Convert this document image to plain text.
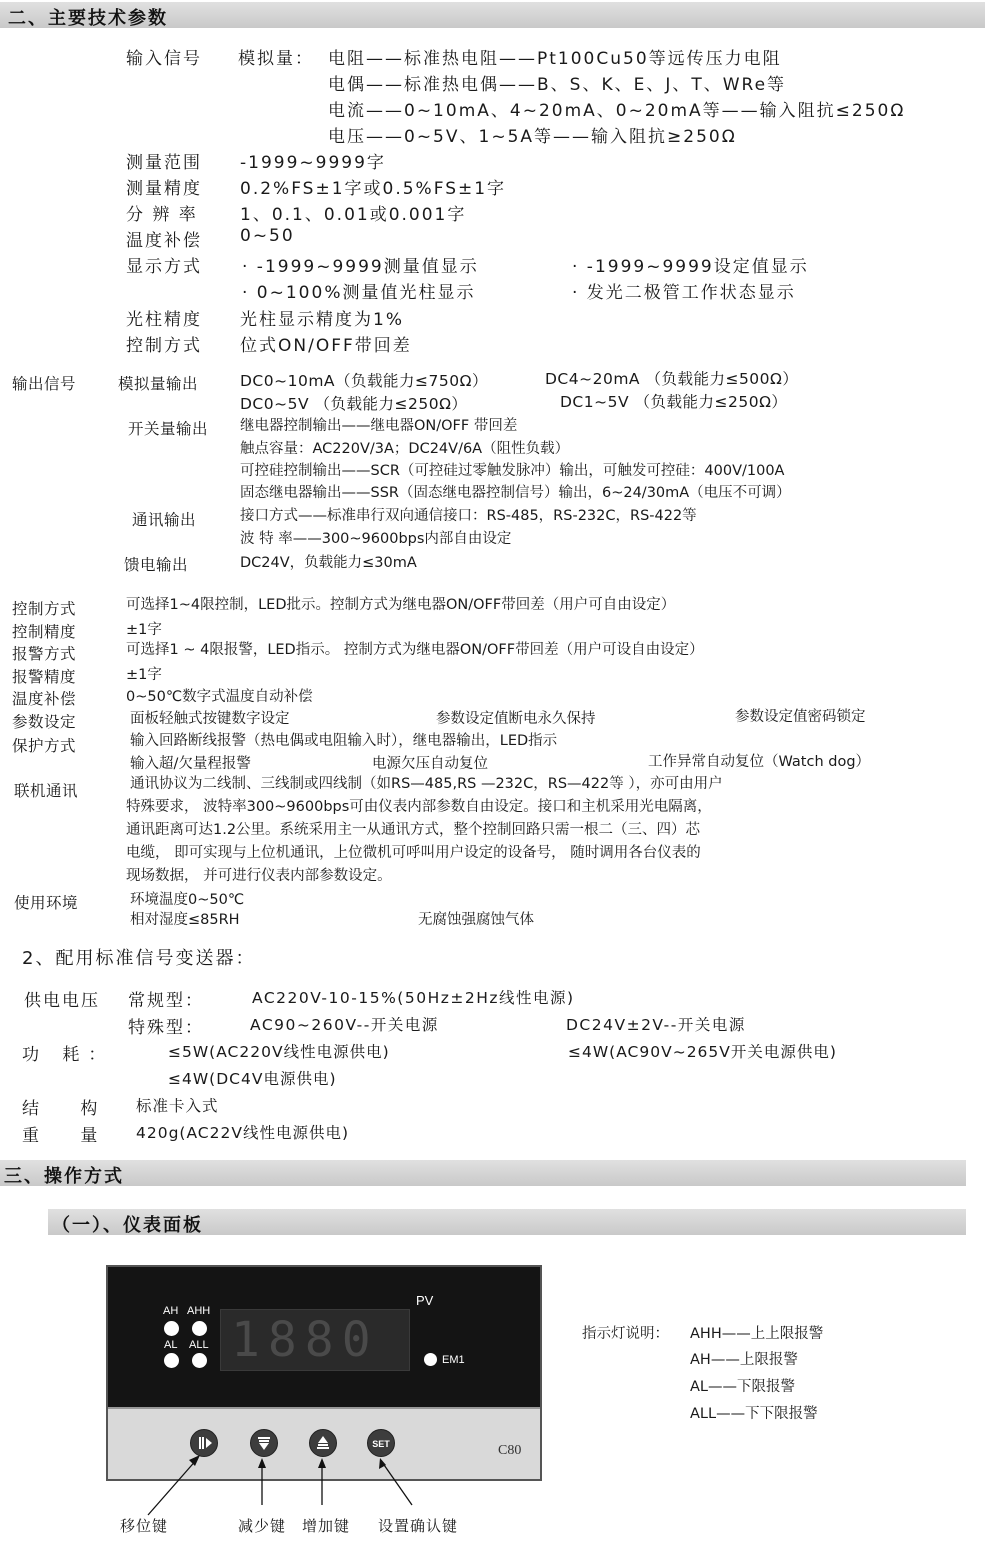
二、主要技术参数
输入信号 模拟量： 电阻——标准热电阻——Pt100Cu50等远传压力电阻
电偶——标准热电偶——B、S、K、E、J、T、WRe等
电流——0~10mA、4~20mA、0~20mA等——输入阻抗≤250Ω
电压——0~5V、1~5A等——输入阻抗≥250Ω
测量范围 -1999~9999字
测量精度 0.2%FS±1字或0.5%FS±1字
分 辨 率 1、0.1、0.01或0.001字
温度补偿 0~50
显示方式 · -1999~9999测量值显示	· -1999~9999设定值显示
· 0~100%测量值光柱显示	· 发光二极管工作状态显示
光柱精度 光柱显示精度为1%
控制方式 位式ON/OFF带回差
输出信号	模拟量输出	DC0~10mA（负载能力≤750Ω）	DC4~20mA （负载能力≤500Ω）
DC0~5V （负载能力≤250Ω）	DC1~5V （负载能力≤250Ω）
开关量输出 继电器控制输出——继电器ON/OFF 带回差
触点容量：AC220V/3A；DC24V/6A（阻性负载）
可控硅控制输出——SCR（可控硅过零触发脉冲）输出，可触发可控硅：400V/100A
固态继电器输出——SSR（固态继电器控制信号）输出，6~24/30mA（电压不可调）
通讯输出	接口方式——标准串行双向通信接口：RS-485，RS-232C，RS-422等
波 特 率——300~9600bps内部自由设定
馈电输出	DC24V，负载能力≤30mA
控制方式	可选择1~4限控制，LED批示。控制方式为继电器ON/OFF带回差（用户可自由设定）
控制精度	±1字
报警方式	可选择1 ~ 4限报警，LED指示。 控制方式为继电器ON/OFF带回差（用户可设自由设定）
报警精度	±1字
温度补偿	0~50℃数字式温度自动补偿
参数设定	面板轻触式按键数字设定	参数设定值断电永久保持	参数设定值密码锁定
保护方式	输入回路断线报警（热电偶或电阻输入时），继电器输出，LED指示
输入超/欠量程报警	电源欠压自动复位	工作异常自动复位（Watch dog）
联机通讯	通讯协议为二线制、三线制或四线制（如RS—485,RS —232C，RS—422等 ），亦可由用户
特殊要求， 波特率300~9600bps可由仪表内部参数自由设定。接口和主机采用光电隔离，
通讯距离可达1.2公里。系统采用主一从通讯方式，整个控制回路只需一根二（三、四）芯
电缆， 即可实现与上位机通讯，上位微机可呼叫用户设定的设备号， 随时调用各台仪表的
现场数据， 并可进行仪表内部参数设定。
使用环境	环境温度0~50℃
相对湿度≤85RH	无腐蚀强腐蚀气体
2、配用标准信号变送器：
供电电压 常规型：	AC220V-10-15%(50Hz±2Hz线性电源)
特殊型：	AC90~260V--开关电源	DC24V±2V--开关电源
功 耗：	≤5W(AC220V线性电源供电)	≤4W(AC90V~265V开关电源供电)
≤4W(DC4V电源供电)
结 构 标准卡入式
重 量 420g(AC22V线性电源供电)
三、操作方式
（一）、仪表面板
PV
AH AHH
AL ALL 1880	EM1
SET	C80
移位键	减少键 增加键 设置确认键
指示灯说明： AHH——上上限报警
AH——上限报警
AL——下限报警
ALL——下下限报警
